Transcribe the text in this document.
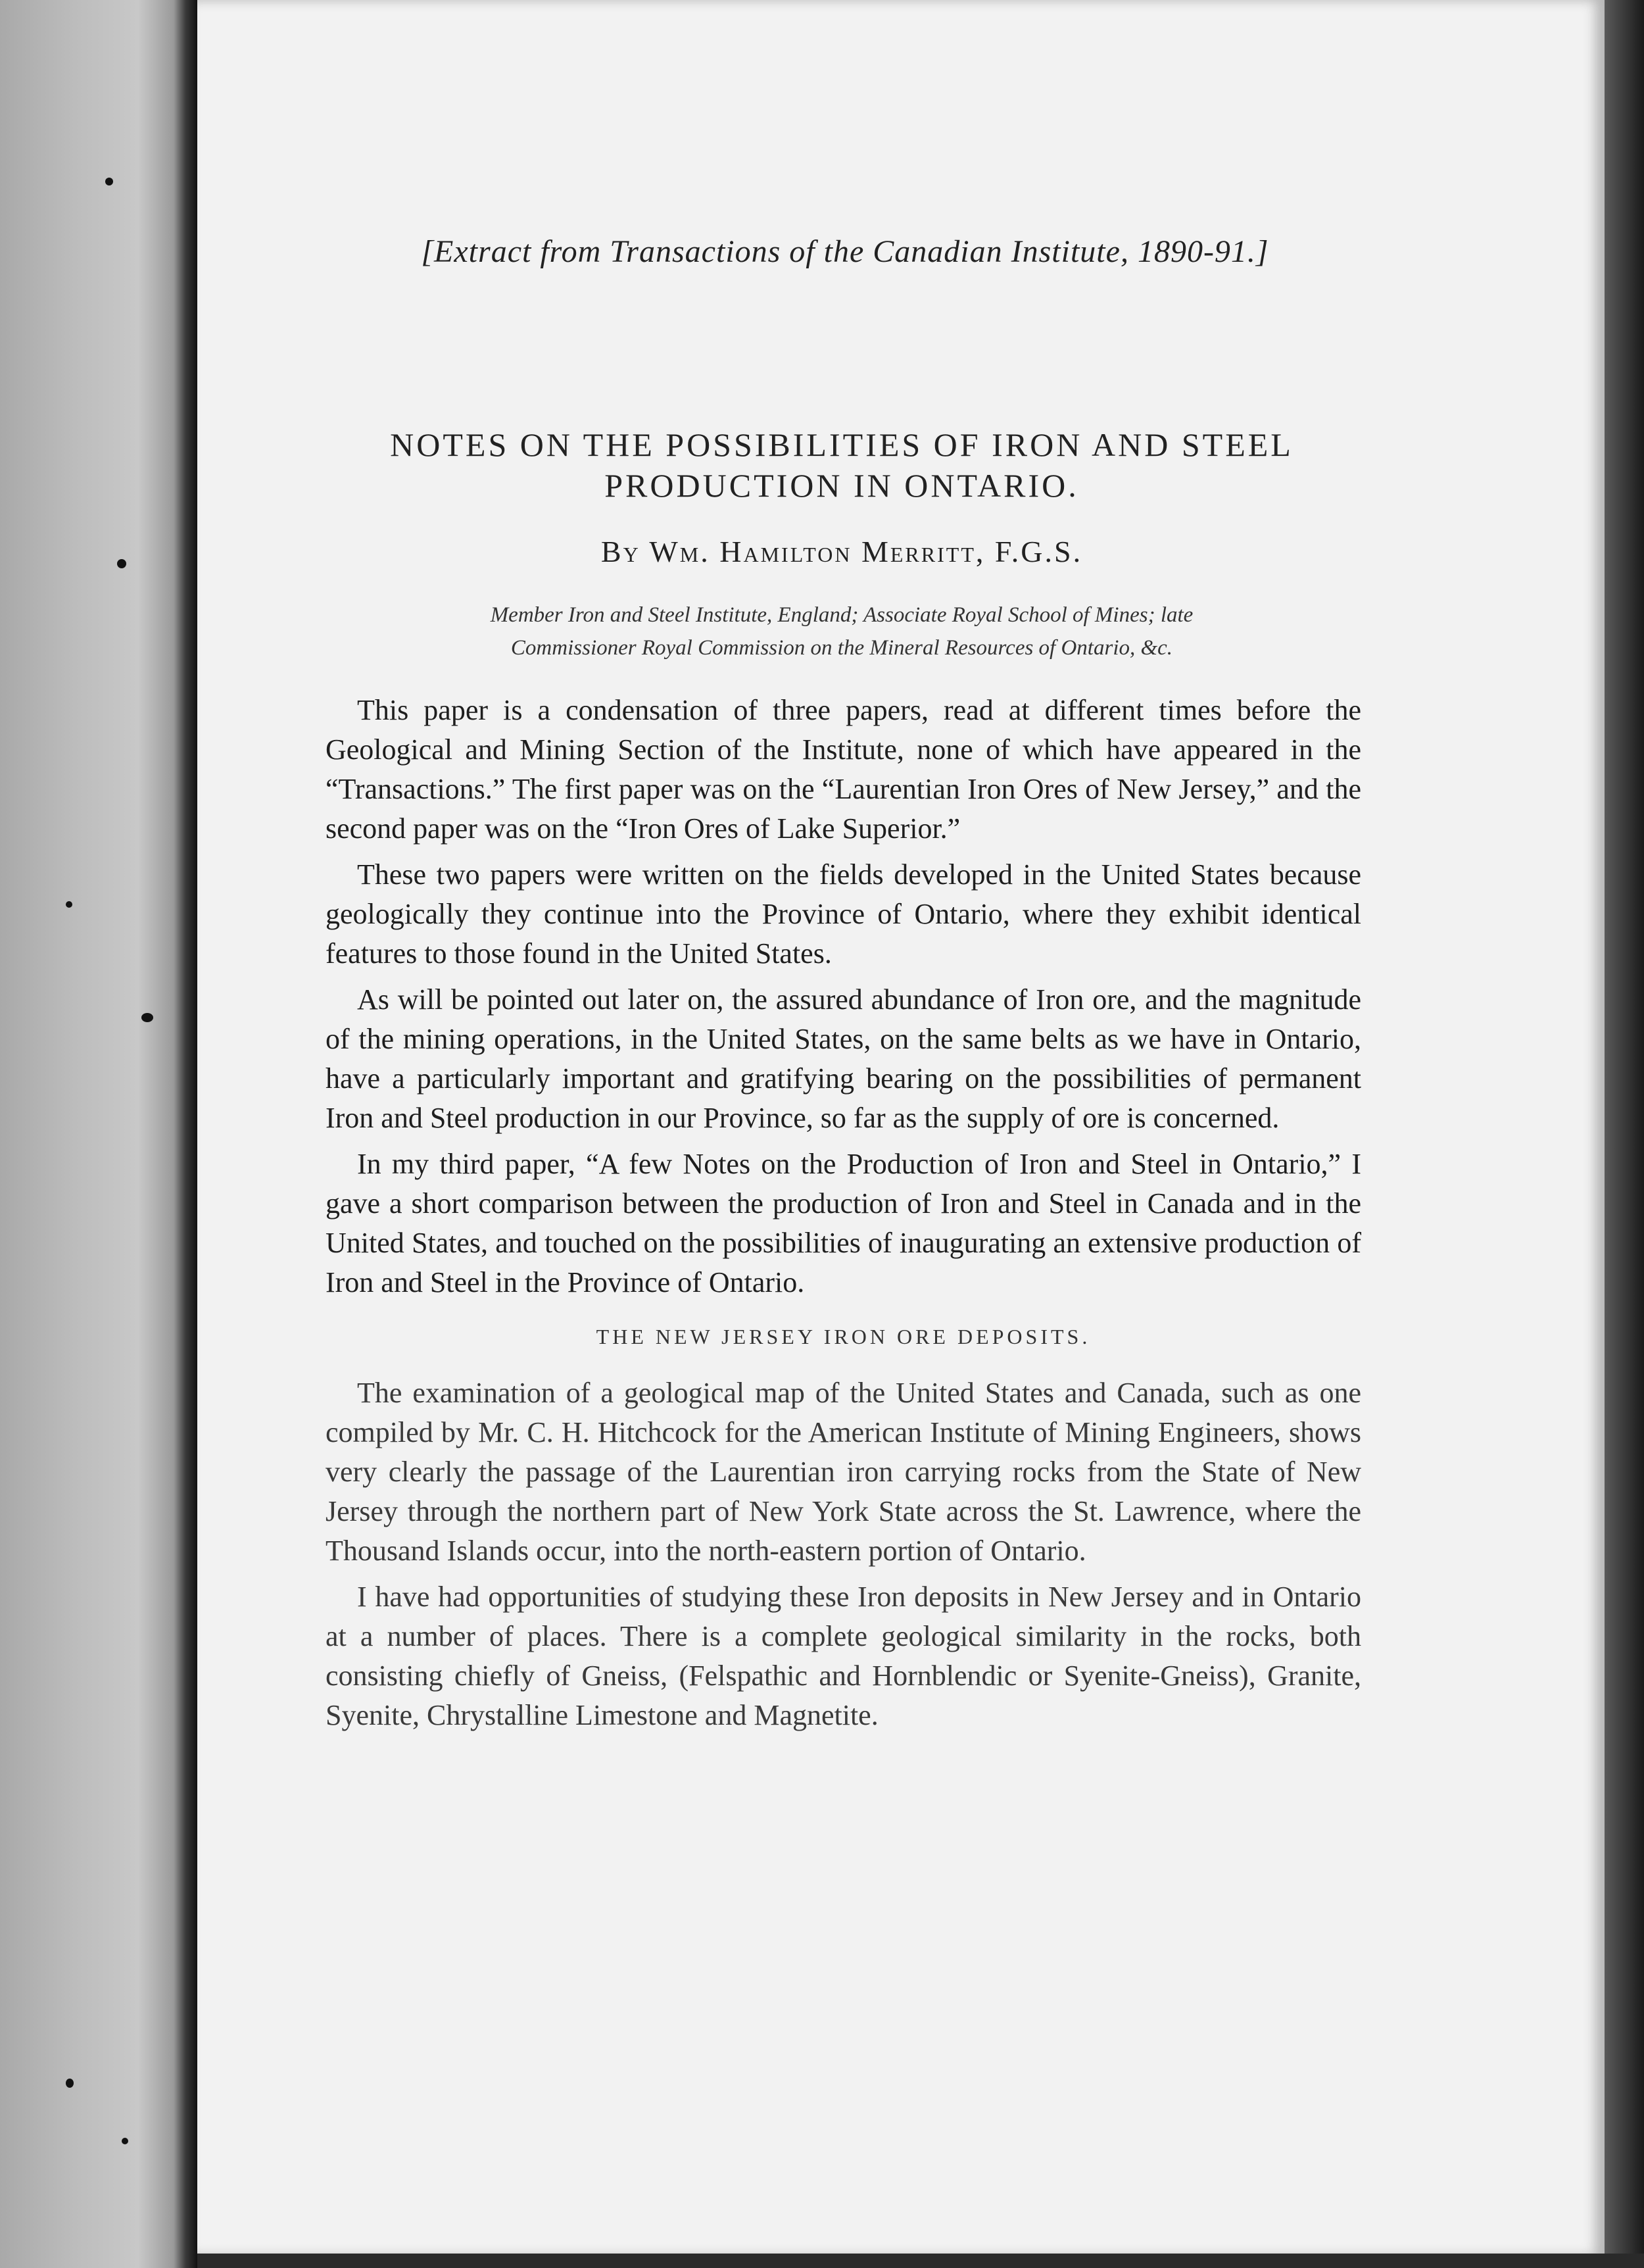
[Extract from Transactions of the Canadian Institute, 1890-91.]
NOTES ON THE POSSIBILITIES OF IRON AND STEEL
PRODUCTION IN ONTARIO.
By Wm. Hamilton Merritt, F.G.S.
Member Iron and Steel Institute, England; Associate Royal School of Mines; late
Commissioner Royal Commission on the Mineral Resources of Ontario, &c.

This paper is a condensation of three papers, read at different times before the Geological and Mining Section of the Institute, none of which have appeared in the “Transactions.” The first paper was on the “Laurentian Iron Ores of New Jersey,” and the second paper was on the “Iron Ores of Lake Superior.”

These two papers were written on the fields developed in the United States because geologically they continue into the Province of Ontario, where they exhibit identical features to those found in the United States.

As will be pointed out later on, the assured abundance of Iron ore, and the magnitude of the mining operations, in the United States, on the same belts as we have in Ontario, have a particularly important and gratifying bearing on the possibilities of permanent Iron and Steel production in our Province, so far as the supply of ore is concerned.

In my third paper, “A few Notes on the Production of Iron and Steel in Ontario,” I gave a short comparison between the production of Iron and Steel in Canada and in the United States, and touched on the possibilities of inaugurating an extensive production of Iron and Steel in the Province of Ontario.

THE NEW JERSEY IRON ORE DEPOSITS.

The examination of a geological map of the United States and Canada, such as one compiled by Mr. C. H. Hitchcock for the American Institute of Mining Engineers, shows very clearly the passage of the Laurentian iron carrying rocks from the State of New Jersey through the northern part of New York State across the St. Lawrence, where the Thousand Islands occur, into the north-eastern portion of Ontario.

I have had opportunities of studying these Iron deposits in New Jersey and in Ontario at a number of places. There is a complete geological similarity in the rocks, both consisting chiefly of Gneiss, (Felspathic and Hornblendic or Syenite-Gneiss), Granite, Syenite, Chrystalline Limestone and Magnetite.
